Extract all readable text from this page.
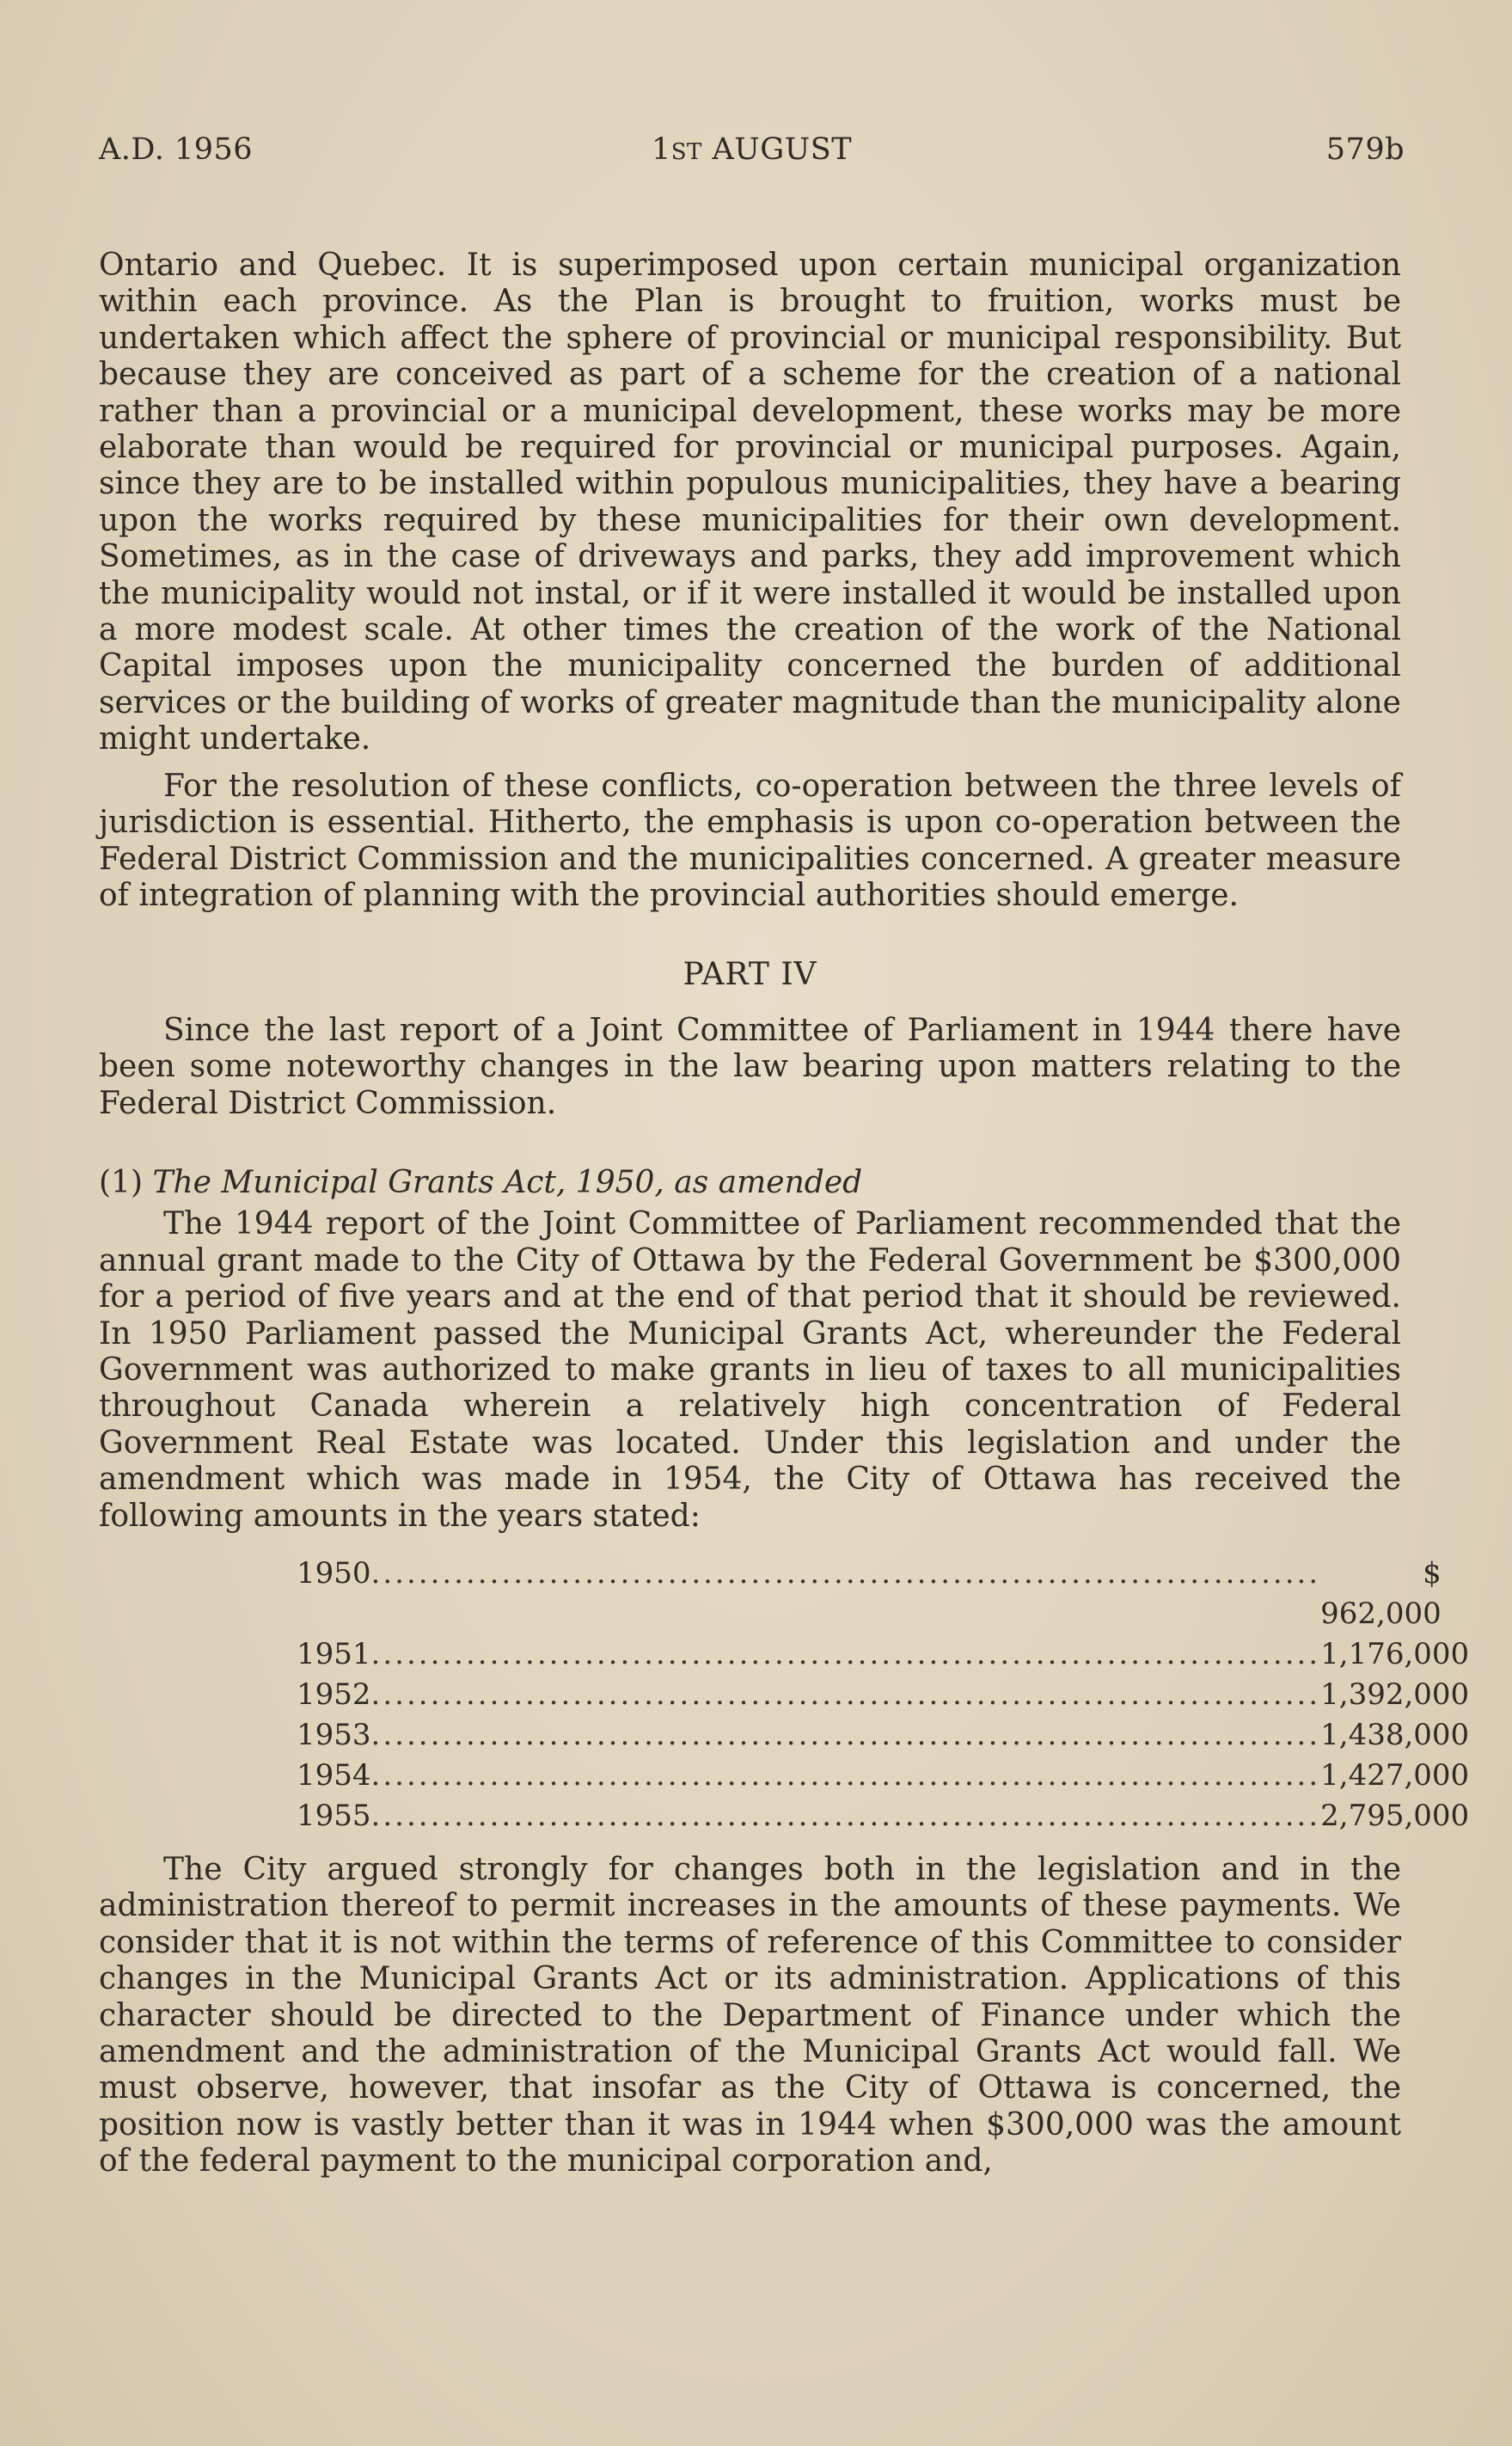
A.D. 1956	1ST AUGUST	579b

Ontario and Quebec. It is superimposed upon certain municipal organization within each province. As the Plan is brought to fruition, works must be undertaken which affect the sphere of provincial or municipal responsibility. But because they are conceived as part of a scheme for the creation of a national rather than a provincial or a municipal development, these works may be more elaborate than would be required for provincial or municipal purposes. Again, since they are to be installed within populous municipalities, they have a bearing upon the works required by these municipalities for their own development. Sometimes, as in the case of driveways and parks, they add improvement which the municipality would not instal, or if it were installed it would be installed upon a more modest scale. At other times the creation of the work of the National Capital imposes upon the municipality concerned the burden of additional services or the building of works of greater magnitude than the municipality alone might undertake.

For the resolution of these conflicts, co-operation between the three levels of jurisdiction is essential. Hitherto, the emphasis is upon co-operation between the Federal District Commission and the municipalities concerned. A greater measure of integration of planning with the provincial authorities should emerge.

PART IV

Since the last report of a Joint Committee of Parliament in 1944 there have been some noteworthy changes in the law bearing upon matters relating to the Federal District Commission.

(1) The Municipal Grants Act, 1950, as amended

The 1944 report of the Joint Committee of Parliament recommended that the annual grant made to the City of Ottawa by the Federal Government be $300,000 for a period of five years and at the end of that period that it should be reviewed. In 1950 Parliament passed the Municipal Grants Act, whereunder the Federal Government was authorized to make grants in lieu of taxes to all municipalities throughout Canada wherein a relatively high concentration of Federal Government Real Estate was located. Under this legislation and under the amendment which was made in 1954, the City of Ottawa has received the following amounts in the years stated:

1950 ................................................................................	$ 962,000
1951 ................................................................................ 1,176,000
1952 ................................................................................ 1,392,000
1953 ................................................................................ 1,438,000
1954 ................................................................................ 1,427,000
1955 ................................................................................ 2,795,000

The City argued strongly for changes both in the legislation and in the administration thereof to permit increases in the amounts of these payments. We consider that it is not within the terms of reference of this Committee to consider changes in the Municipal Grants Act or its administration. Applications of this character should be directed to the Department of Finance under which the amendment and the administration of the Municipal Grants Act would fall. We must observe, however, that insofar as the City of Ottawa is concerned, the position now is vastly better than it was in 1944 when $300,000 was the amount of the federal payment to the municipal corporation and,
